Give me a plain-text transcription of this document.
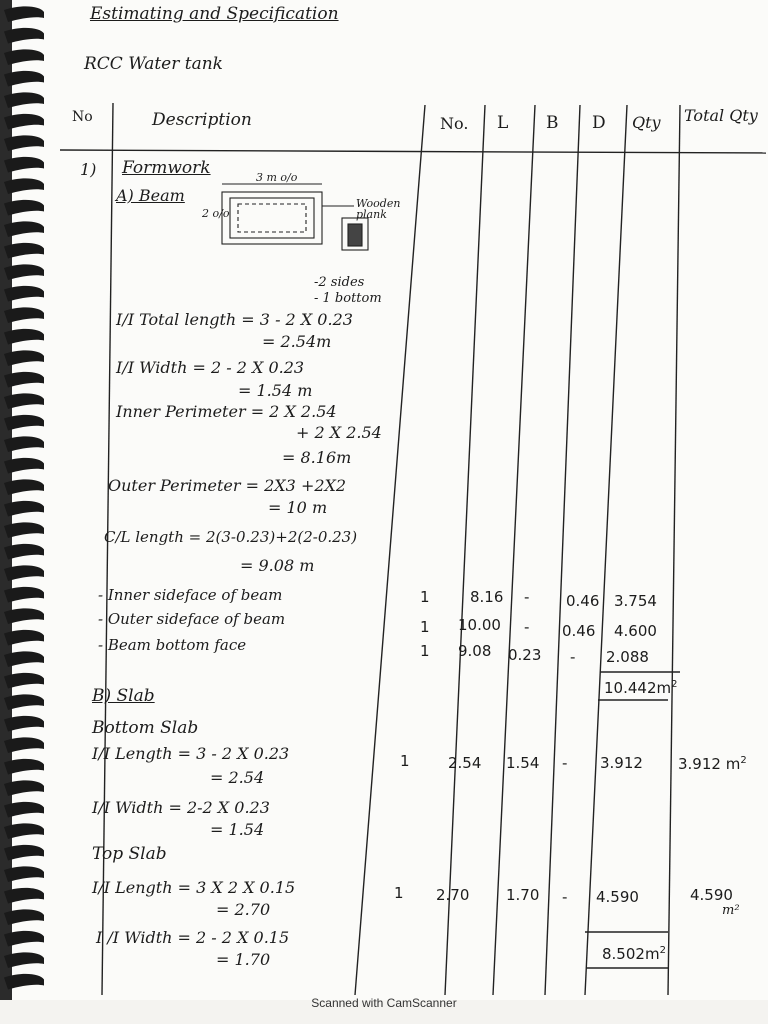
Estimating and Specification
RCC Water tank
No	Description	No. L B D Qty Total Qty
1) Formwork
A) Beam
3 m o/o
2 o/o
Wooden plank
-2 sides
- 1 bottom
I/I Total length = 3 - 2 X 0.23
= 2.54m
I/I Width = 2 - 2 X 0.23
= 1.54 m
Inner Perimeter = 2 X 2.54
+ 2 X 2.54
= 8.16m
Outer Perimeter = 2X3 +2X2
= 10 m
C/L length = 2(3-0.23)+2(2-0.23)
= 9.08 m
- Inner sideface of beam	1	8.16 - 0.46 3.754
- Outer sideface of beam	1 10.00 - 0.46 4.600
- Beam bottom face	1 9.08 0.23 - 2.088
$10.442m^2$
B) Slab
Bottom Slab
I/I Length = 3 - 2 X 0.23
= 2.54
I/I Width = 2-2 X 0.23
= 1.54
1	2.54 1.54 - 3.912 3.912 $m^2$
Top Slab
I/I Length = 3 X 2 X 0.15
= 2.70
I /I Width = 2 - 2 X 0.15
= 1.70
1 2.70 1.70 - 4.590	4.590
m²
$8.502m^2$
Scanned with CamScanner
